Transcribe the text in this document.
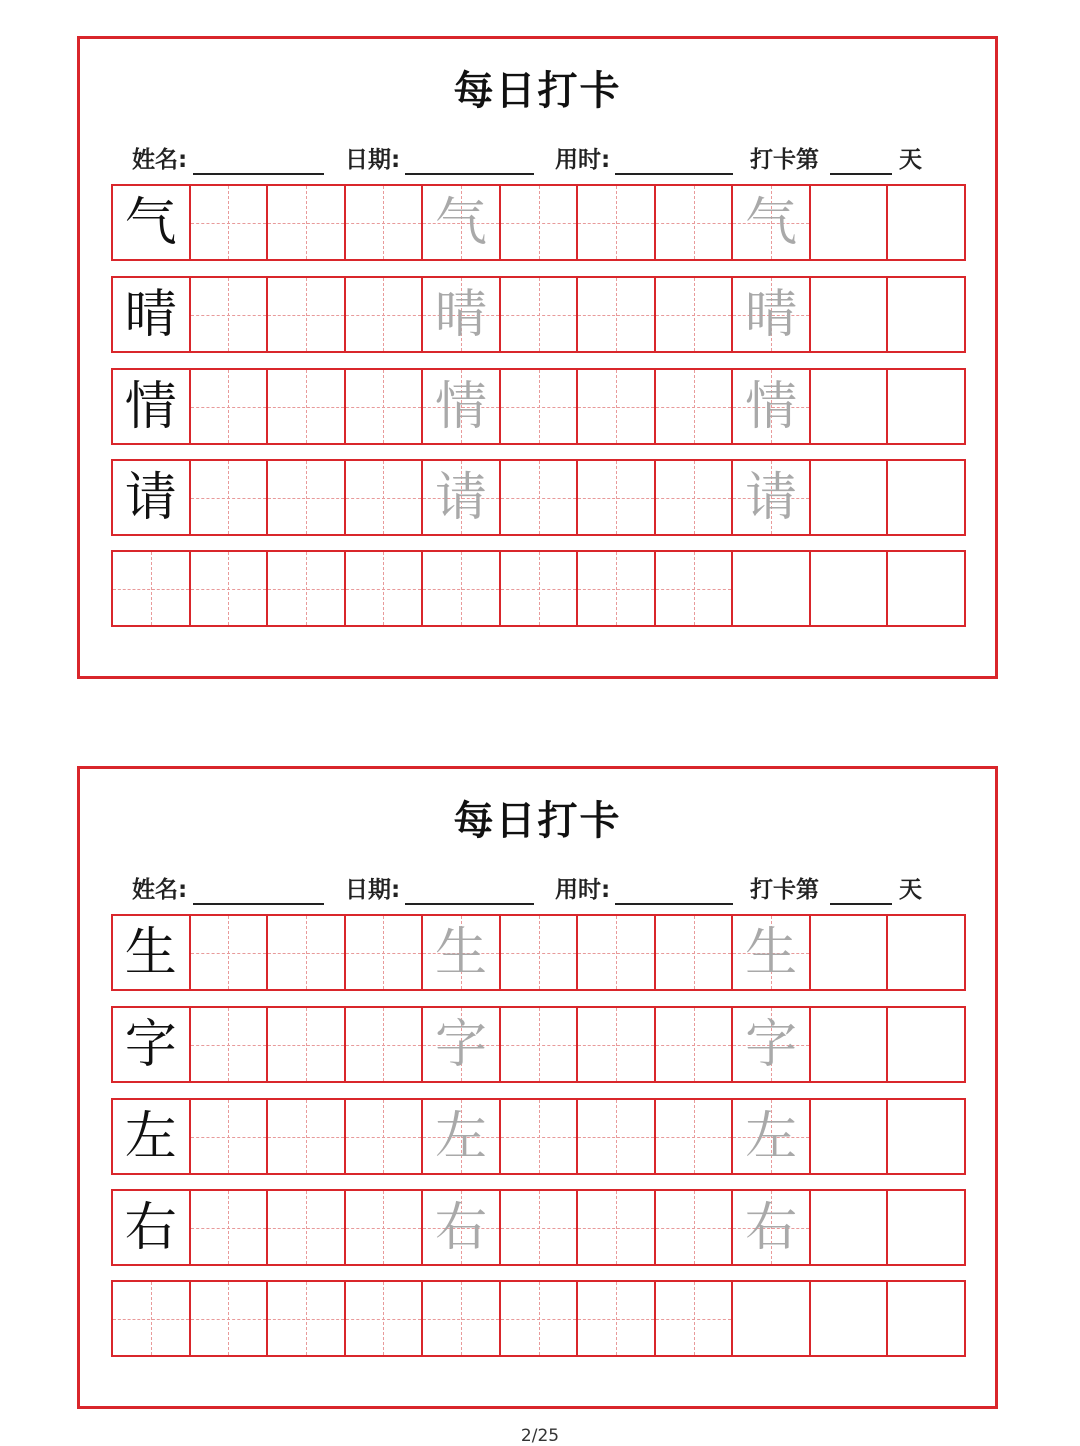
每日打卡
姓名:	日期:	用时:	打卡第	天
气	气	气
晴	晴	晴
情	情	情
请	请	请
每日打卡
姓名:	日期:	用时:	打卡第	天
生	生	生
字	字	字
左	左	左
右	右	右
2/25
